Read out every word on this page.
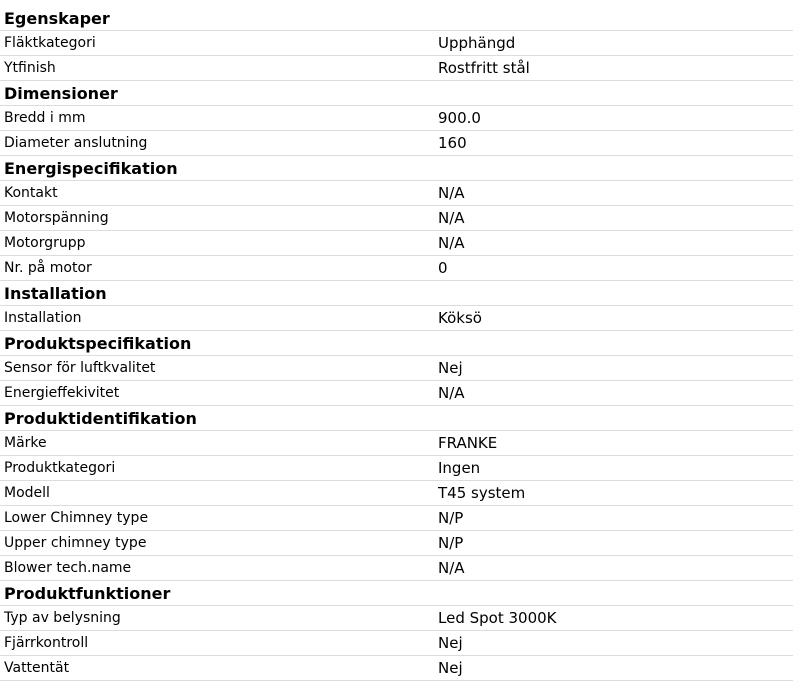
Egenskaper
Fläktkategori	Upphängd
Ytfinish	Rostfritt stål
Dimensioner
Bredd i mm	900.0
Diameter anslutning	160
Energispecifikation
Kontakt	N/A
Motorspänning	N/A
Motorgrupp	N/A
Nr. på motor	0
Installation
Installation	Köksö
Produktspecifikation
Sensor för luftkvalitet	Nej
Energieffekivitet	N/A
Produktidentifikation
Märke	FRANKE
Produktkategori	Ingen
Modell	T45 system
Lower Chimney type	N/P
Upper chimney type	N/P
Blower tech.name	N/A
Produktfunktioner
Typ av belysning	Led Spot 3000K
Fjärrkontroll	Nej
Vattentät	Nej
